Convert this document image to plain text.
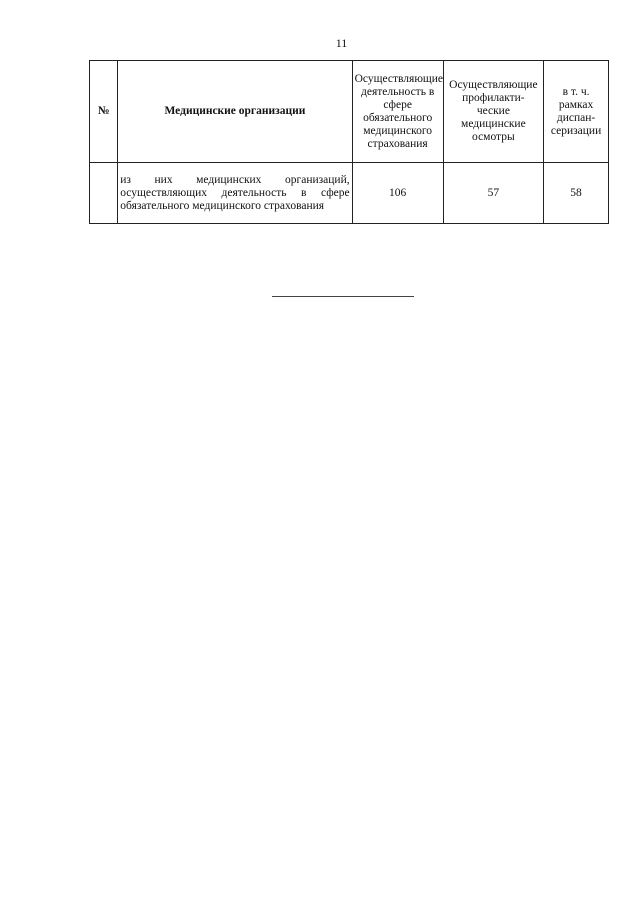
11
№	Медицинские организации	Осуществляющие деятельность в сфере обязательного медицинского страхования	Осуществляющие профилакти-ческие медицинские осмотры	в т. ч. рамках диспан-серизации
	из них медицинских организаций, осуществляющих деятельность в сфере обязательного медицинского страхования	106	57	58
